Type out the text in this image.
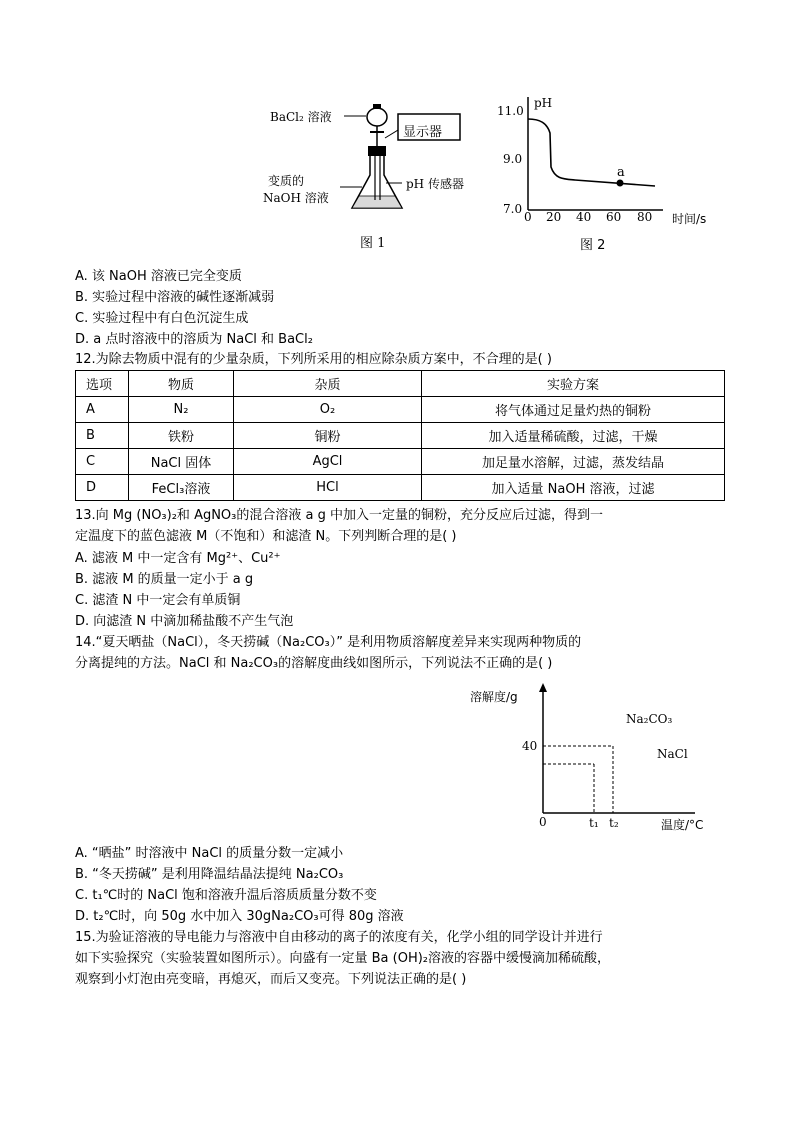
BaCl₂ 溶液
显示器
变质的
NaOH 溶液
pH 传感器
图 1
pH
11.0
9.0
7.0
0 20 40 60 80 时间/s
a
图 2
A. 该 NaOH 溶液已完全变质
B. 实验过程中溶液的碱性逐渐减弱
C. 实验过程中有白色沉淀生成
D. a 点时溶液中的溶质为 NaCl 和 BaCl₂
12.为除去物质中混有的少量杂质，下列所采用的相应除杂质方案中，不合理的是( )
选项	物质	杂质	实验方案
A	N₂	O₂	将气体通过足量灼热的铜粉
B	铁粉	铜粉	加入适量稀硫酸，过滤，干燥
C	NaCl 固体	AgCl	加足量水溶解，过滤，蒸发结晶
D	FeCl₃溶液	HCl	加入适量 NaOH 溶液，过滤
13.向 Mg (NO₃)₂和 AgNO₃的混合溶液 a g 中加入一定量的铜粉，充分反应后过滤，得到一
定温度下的蓝色滤液 M（不饱和）和滤渣 N。下列判断合理的是( )
A. 滤液 M 中一定含有 Mg²⁺、Cu²⁺
B. 滤液 M 的质量一定小于 a g
C. 滤渣 N 中一定会有单质铜
D. 向滤渣 N 中滴加稀盐酸不产生气泡
14.“夏天晒盐（NaCl），冬天捞碱（Na₂CO₃）” 是利用物质溶解度差异来实现两种物质的
分离提纯的方法。NaCl 和 Na₂CO₃的溶解度曲线如图所示，下列说法不正确的是( )
溶解度/g
40
0	t₁ t₂	温度/°C
Na₂CO₃
NaCl
A. “晒盐” 时溶液中 NaCl 的质量分数一定减小
B. “冬天捞碱” 是利用降温结晶法提纯 Na₂CO₃
C. t₁℃时的 NaCl 饱和溶液升温后溶质质量分数不变
D. t₂℃时，向 50g 水中加入 30gNa₂CO₃可得 80g 溶液
15.为验证溶液的导电能力与溶液中自由移动的离子的浓度有关，化学小组的同学设计并进行
如下实验探究（实验装置如图所示）。向盛有一定量 Ba (OH)₂溶液的容器中缓慢滴加稀硫酸，
观察到小灯泡由亮变暗，再熄灭，而后又变亮。下列说法正确的是( )
